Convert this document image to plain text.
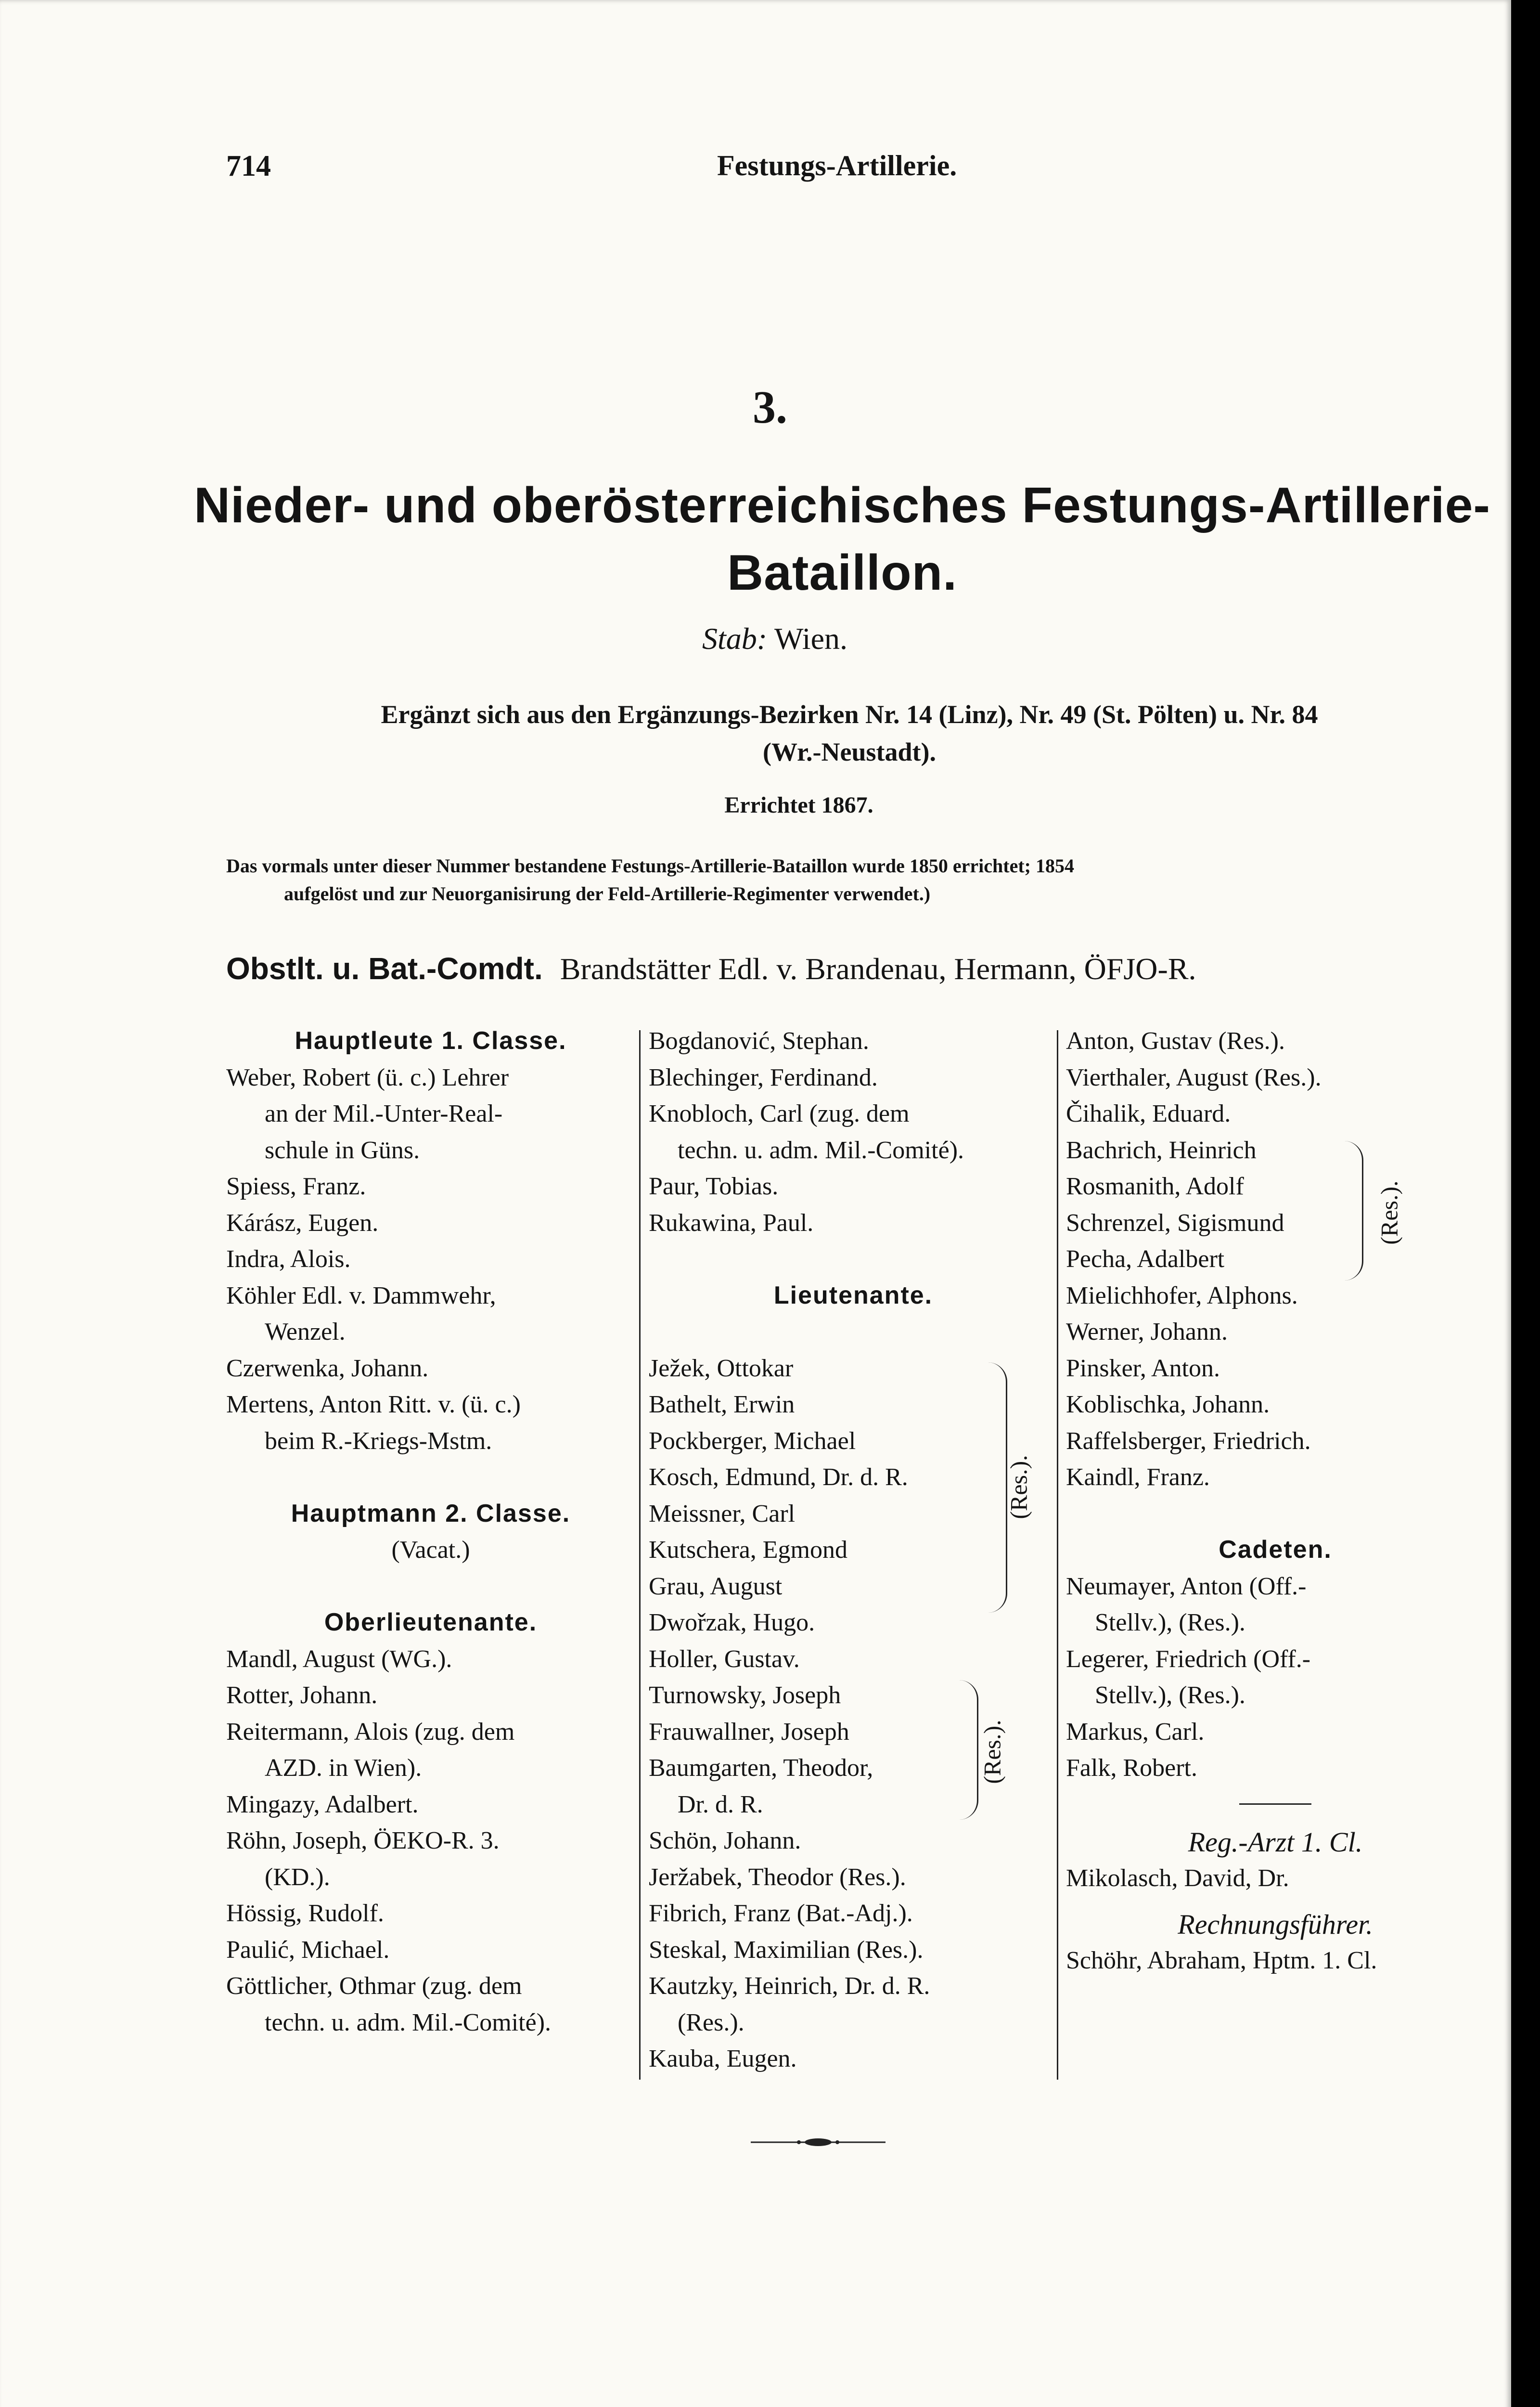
714	Festungs-Artillerie.
3.
Nieder- und oberösterreichisches Festungs-Artillerie-
Bataillon.
Stab: Wien.
Ergänzt sich aus den Ergänzungs-Bezirken Nr. 14 (Linz), Nr. 49 (St. Pölten) u. Nr. 84
(Wr.-Neustadt).
Errichtet 1867.
Das vormals unter dieser Nummer bestandene Festungs-Artillerie-Bataillon wurde 1850 errichtet; 1854
aufgelöst und zur Neuorganisirung der Feld-Artillerie-Regimenter verwendet.)
Obstlt. u. Bat.-Comdt. Brandstätter Edl. v. Brandenau, Hermann, ÖFJO-R.
Hauptleute 1. Classe.
Weber, Robert (ü. c.) Lehrer
an der Mil.-Unter-Real-
schule in Güns.
Spiess, Franz.
Kárász, Eugen.
Indra, Alois.
Köhler Edl. v. Dammwehr,
Wenzel.
Czerwenka, Johann.
Mertens, Anton Ritt. v. (ü. c.)
beim R.-Kriegs-Mstm.
Hauptmann 2. Classe.
(Vacat.)
Oberlieutenante.
Mandl, August (WG.).
Rotter, Johann.
Reitermann, Alois (zug. dem
AZD. in Wien).
Mingazy, Adalbert.
Röhn, Joseph, ÖEKO-R. 3.
(KD.).
Hössig, Rudolf.
Paulić, Michael.
Göttlicher, Othmar (zug. dem
techn. u. adm. Mil.-Comité).
Bogdanović, Stephan.
Blechinger, Ferdinand.
Knobloch, Carl (zug. dem
techn. u. adm. Mil.-Comité).
Paur, Tobias.
Rukawina, Paul.
Lieutenante.
Ježek, Ottokar
Bathelt, Erwin
Pockberger, Michael
Kosch, Edmund, Dr. d. R.
Meissner, Carl
Kutschera, Egmond
Grau, August
Dwořzak, Hugo.
Holler, Gustav.
Turnowsky, Joseph
Frauwallner, Joseph
Baumgarten, Theodor,
Dr. d. R.
Schön, Johann.
Jeržabek, Theodor (Res.).
Fibrich, Franz (Bat.-Adj.).
Steskal, Maximilian (Res.).
Kautzky, Heinrich, Dr. d. R.
(Res.).
Kauba, Eugen.
(Res.).
(Res.).
Anton, Gustav (Res.).
Vierthaler, August (Res.).
Čihalik, Eduard.
Bachrich, Heinrich
Rosmanith, Adolf
Schrenzel, Sigismund
Pecha, Adalbert
Mielichhofer, Alphons.
Werner, Johann.
Pinsker, Anton.
Koblischka, Johann.
Raffelsberger, Friedrich.
Kaindl, Franz.
Cadeten.
Neumayer, Anton (Off.-
Stellv.), (Res.).
Legerer, Friedrich (Off.-
Stellv.), (Res.).
Markus, Carl.
Falk, Robert.
Reg.-Arzt 1. Cl.
Mikolasch, David, Dr.
Rechnungsführer.
Schöhr, Abraham, Hptm. 1. Cl.
(Res.).
